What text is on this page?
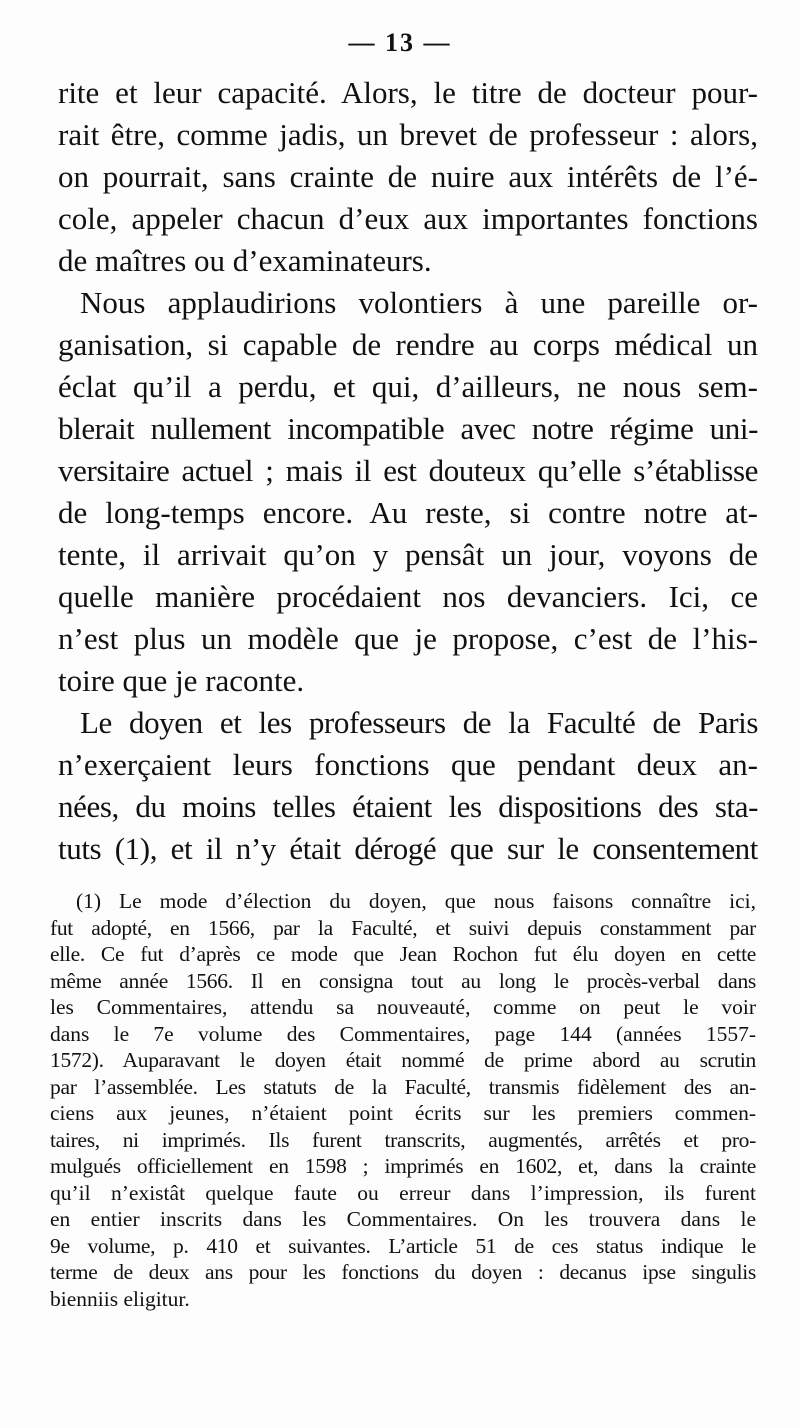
— 13 —
rite et leur capacité. Alors, le titre de docteur pour-
rait être, comme jadis, un brevet de professeur : alors,
on pourrait, sans crainte de nuire aux intérêts de l’é-
cole, appeler chacun d’eux aux importantes fonctions
de maîtres ou d’examinateurs.
Nous applaudirions volontiers à une pareille or-
ganisation, si capable de rendre au corps médical un
éclat qu’il a perdu, et qui, d’ailleurs, ne nous sem-
blerait nullement incompatible avec notre régime uni-
versitaire actuel ; mais il est douteux qu’elle s’établisse
de long-temps encore. Au reste, si contre notre at-
tente, il arrivait qu’on y pensât un jour, voyons de
quelle manière procédaient nos devanciers. Ici, ce
n’est plus un modèle que je propose, c’est de l’his-
toire que je raconte.
Le doyen et les professeurs de la Faculté de Paris
n’exerçaient leurs fonctions que pendant deux an-
nées, du moins telles étaient les dispositions des sta-
tuts (1), et il n’y était dérogé que sur le consentement
(1) Le mode d’élection du doyen, que nous faisons connaître ici,
fut adopté, en 1566, par la Faculté, et suivi depuis constamment par
elle. Ce fut d’après ce mode que Jean Rochon fut élu doyen en cette
même année 1566. Il en consigna tout au long le procès-verbal dans
les Commentaires, attendu sa nouveauté, comme on peut le voir
dans le 7e volume des Commentaires, page 144 (années 1557-
1572). Auparavant le doyen était nommé de prime abord au scrutin
par l’assemblée. Les statuts de la Faculté, transmis fidèlement des an-
ciens aux jeunes, n’étaient point écrits sur les premiers commen-
taires, ni imprimés. Ils furent transcrits, augmentés, arrêtés et pro-
mulgués officiellement en 1598 ; imprimés en 1602, et, dans la crainte
qu’il n’existât quelque faute ou erreur dans l’impression, ils furent
en entier inscrits dans les Commentaires. On les trouvera dans le
9e volume, p. 410 et suivantes. L’article 51 de ces status indique le
terme de deux ans pour les fonctions du doyen : decanus ipse singulis
bienniis eligitur.
